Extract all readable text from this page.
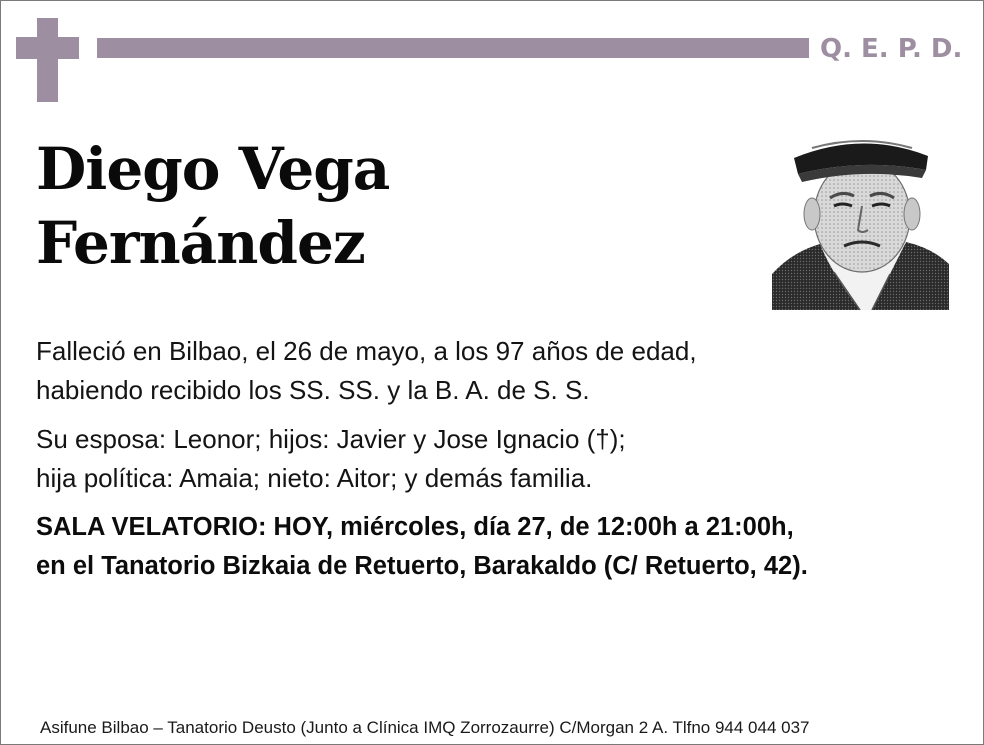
Q. E. P. D.
Diego Vega
Fernández
Falleció en Bilbao, el 26 de mayo, a los 97 años de edad,
habiendo recibido los SS. SS. y la B. A. de S. S.
Su esposa: Leonor; hijos: Javier y Jose Ignacio (†);
hija política: Amaia; nieto: Aitor; y demás familia.
SALA VELATORIO: HOY, miércoles, día 27, de 12:00h a 21:00h,
en el Tanatorio Bizkaia de Retuerto, Barakaldo (C/ Retuerto, 42).
Asifune Bilbao – Tanatorio Deusto (Junto a Clínica IMQ Zorrozaurre) C/Morgan 2 A. Tlfno 944 044 037
